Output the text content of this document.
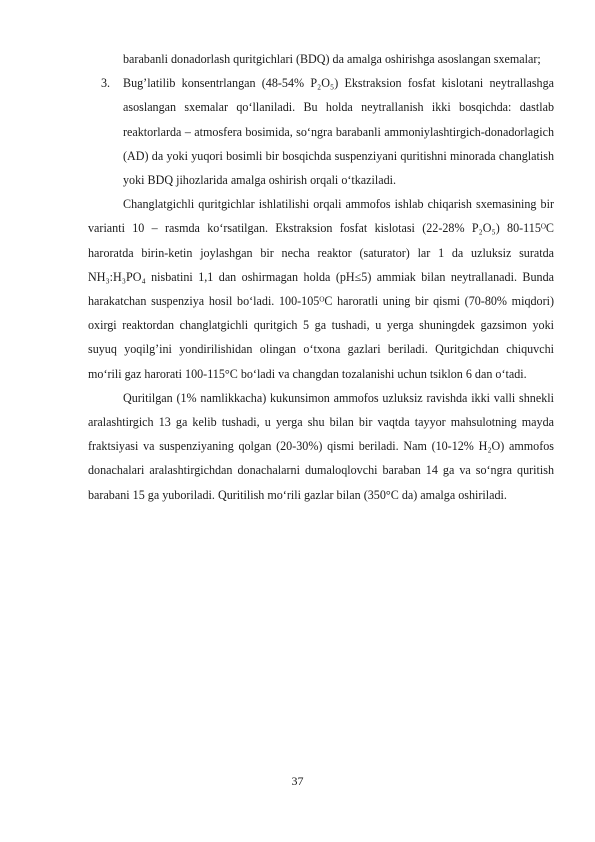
barabanli donadorlash quritgichlari (BDQ) da amalga oshirishga asoslangan sxemalar;

3. Bug’latilib konsentrlangan (48-54% P₂O₅) Ekstraksion fosfat kislotani neytrallashga asoslangan sxemalar qo‘llaniladi. Bu holda neytrallanish ikki bosqichda: dastlab reaktorlarda – atmosfera bosimida, so‘ngra barabanli ammoniylashtirgich-donadorlagich (AD) da yoki yuqori bosimli bir bosqichda suspenziyani quritishni minorada changlatish yoki BDQ jihozlarida amalga oshirish orqali o‘tkaziladi.

Changlatgichli quritgichlar ishlatilishi orqali ammofos ishlab chiqarish sxemasining bir varianti 10 – rasmda ko‘rsatilgan. Ekstraksion fosfat kislotasi (22-28% P₂O₅) 80-115ᴼC haroratda birin-ketin joylashgan bir necha reaktor (saturator) lar 1 da uzluksiz suratda NH₃:H₃PO₄ nisbatini 1,1 dan oshirmagan holda (pH≤5) ammiak bilan neytrallanadi. Bunda harakatchan suspenziya hosil bo‘ladi. 100-105ᴼC haroratli uning bir qismi (70-80% miqdori) oxirgi reaktordan changlatgichli quritgich 5 ga tushadi, u yerga shuningdek gazsimon yoki suyuq yoqilg’ini yondirilishidan olingan o‘txona gazlari beriladi. Quritgichdan chiquvchi mo‘rili gaz harorati 100-115°C bo‘ladi va changdan tozalanishi uchun tsiklon 6 dan o‘tadi.

Quritilgan (1% namlikkacha) kukunsimon ammofos uzluksiz ravishda ikki valli shnekli aralashtirgich 13 ga kelib tushadi, u yerga shu bilan bir vaqtda tayyor mahsulotning mayda fraktsiyasi va suspenziyaning qolgan (20-30%) qismi beriladi. Nam (10-12% H₂O) ammofos donachalari aralashtirgichdan donachalarni dumaloqlovchi baraban 14 ga va so‘ngra quritish barabani 15 ga yuboriladi. Quritilish mo‘rili gazlar bilan (350°C da) amalga oshiriladi.

37
